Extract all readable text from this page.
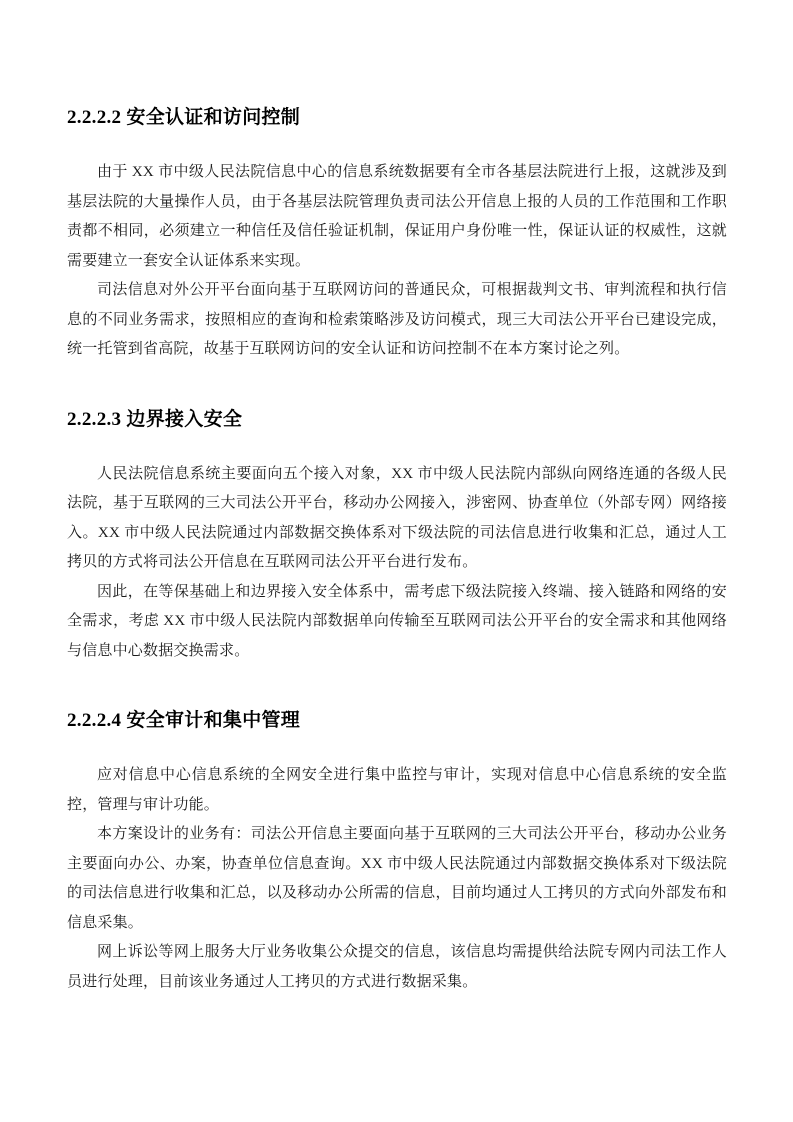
2.2.2.2 安全认证和访问控制

由于 XX 市中级人民法院信息中心的信息系统数据要有全市各基层法院进行上报，这就涉及到基层法院的大量操作人员，由于各基层法院管理负责司法公开信息上报的人员的工作范围和工作职责都不相同，必须建立一种信任及信任验证机制，保证用户身份唯一性，保证认证的权威性，这就需要建立一套安全认证体系来实现。

司法信息对外公开平台面向基于互联网访问的普通民众，可根据裁判文书、审判流程和执行信息的不同业务需求，按照相应的查询和检索策略涉及访问模式，现三大司法公开平台已建设完成，统一托管到省高院，故基于互联网访问的安全认证和访问控制不在本方案讨论之列。

2.2.2.3 边界接入安全

人民法院信息系统主要面向五个接入对象，XX 市中级人民法院内部纵向网络连通的各级人民法院，基于互联网的三大司法公开平台，移动办公网接入，涉密网、协查单位（外部专网）网络接入。XX 市中级人民法院通过内部数据交换体系对下级法院的司法信息进行收集和汇总，通过人工拷贝的方式将司法公开信息在互联网司法公开平台进行发布。

因此，在等保基础上和边界接入安全体系中，需考虑下级法院接入终端、接入链路和网络的安全需求，考虑 XX 市中级人民法院内部数据单向传输至互联网司法公开平台的安全需求和其他网络与信息中心数据交换需求。

2.2.2.4 安全审计和集中管理

应对信息中心信息系统的全网安全进行集中监控与审计，实现对信息中心信息系统的安全监控，管理与审计功能。

本方案设计的业务有：司法公开信息主要面向基于互联网的三大司法公开平台，移动办公业务主要面向办公、办案，协查单位信息查询。XX 市中级人民法院通过内部数据交换体系对下级法院的司法信息进行收集和汇总，以及移动办公所需的信息，目前均通过人工拷贝的方式向外部发布和信息采集。

网上诉讼等网上服务大厅业务收集公众提交的信息，该信息均需提供给法院专网内司法工作人员进行处理，目前该业务通过人工拷贝的方式进行数据采集。
